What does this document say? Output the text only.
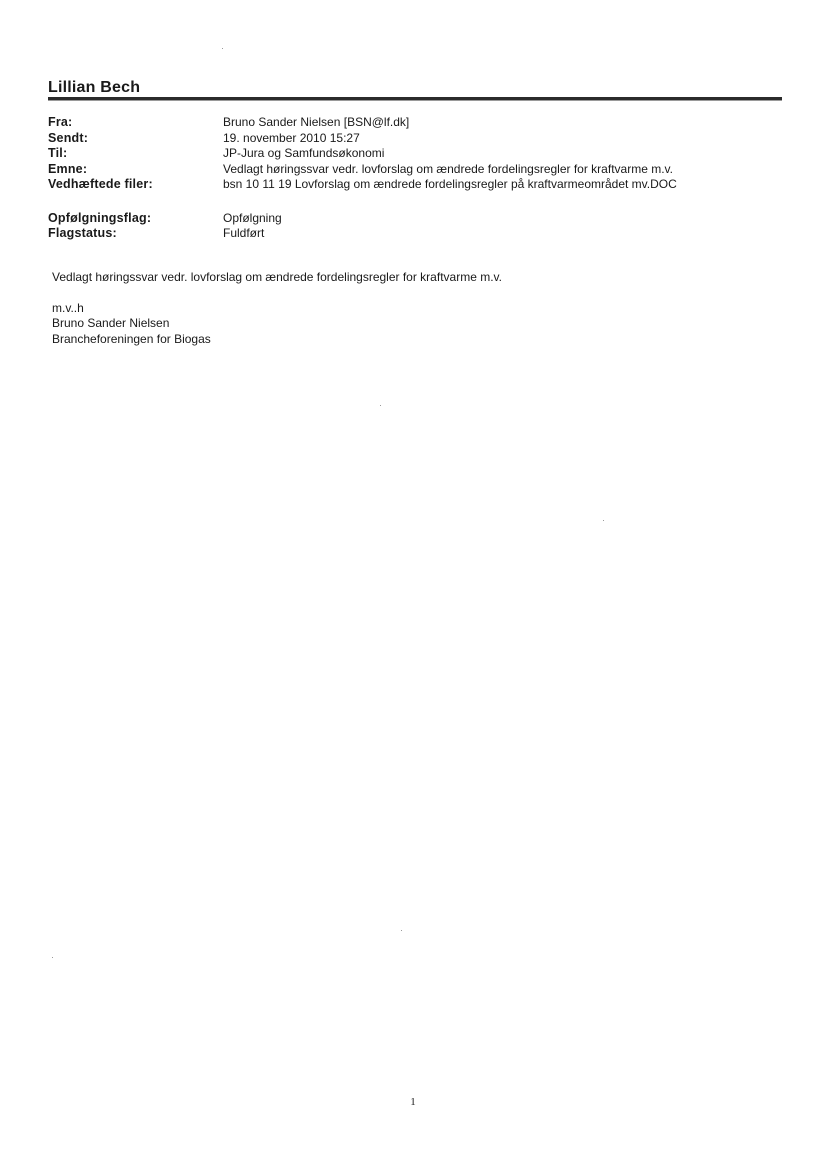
Lillian Bech
Fra:	Bruno Sander Nielsen [BSN@lf.dk]
Sendt:	19. november 2010 15:27
Til:	JP-Jura og Samfundsøkonomi
Emne:	Vedlagt høringssvar vedr. lovforslag om ændrede fordelingsregler for kraftvarme m.v.
Vedhæftede filer:	bsn 10 11 19 Lovforslag om ændrede fordelingsregler på kraftvarmeområdet mv.DOC
Opfølgningsflag:	Opfølgning
Flagstatus:	Fuldført
Vedlagt høringssvar vedr. lovforslag om ændrede fordelingsregler for kraftvarme m.v.
m.v..h
Bruno Sander Nielsen
Brancheforeningen for Biogas
1
